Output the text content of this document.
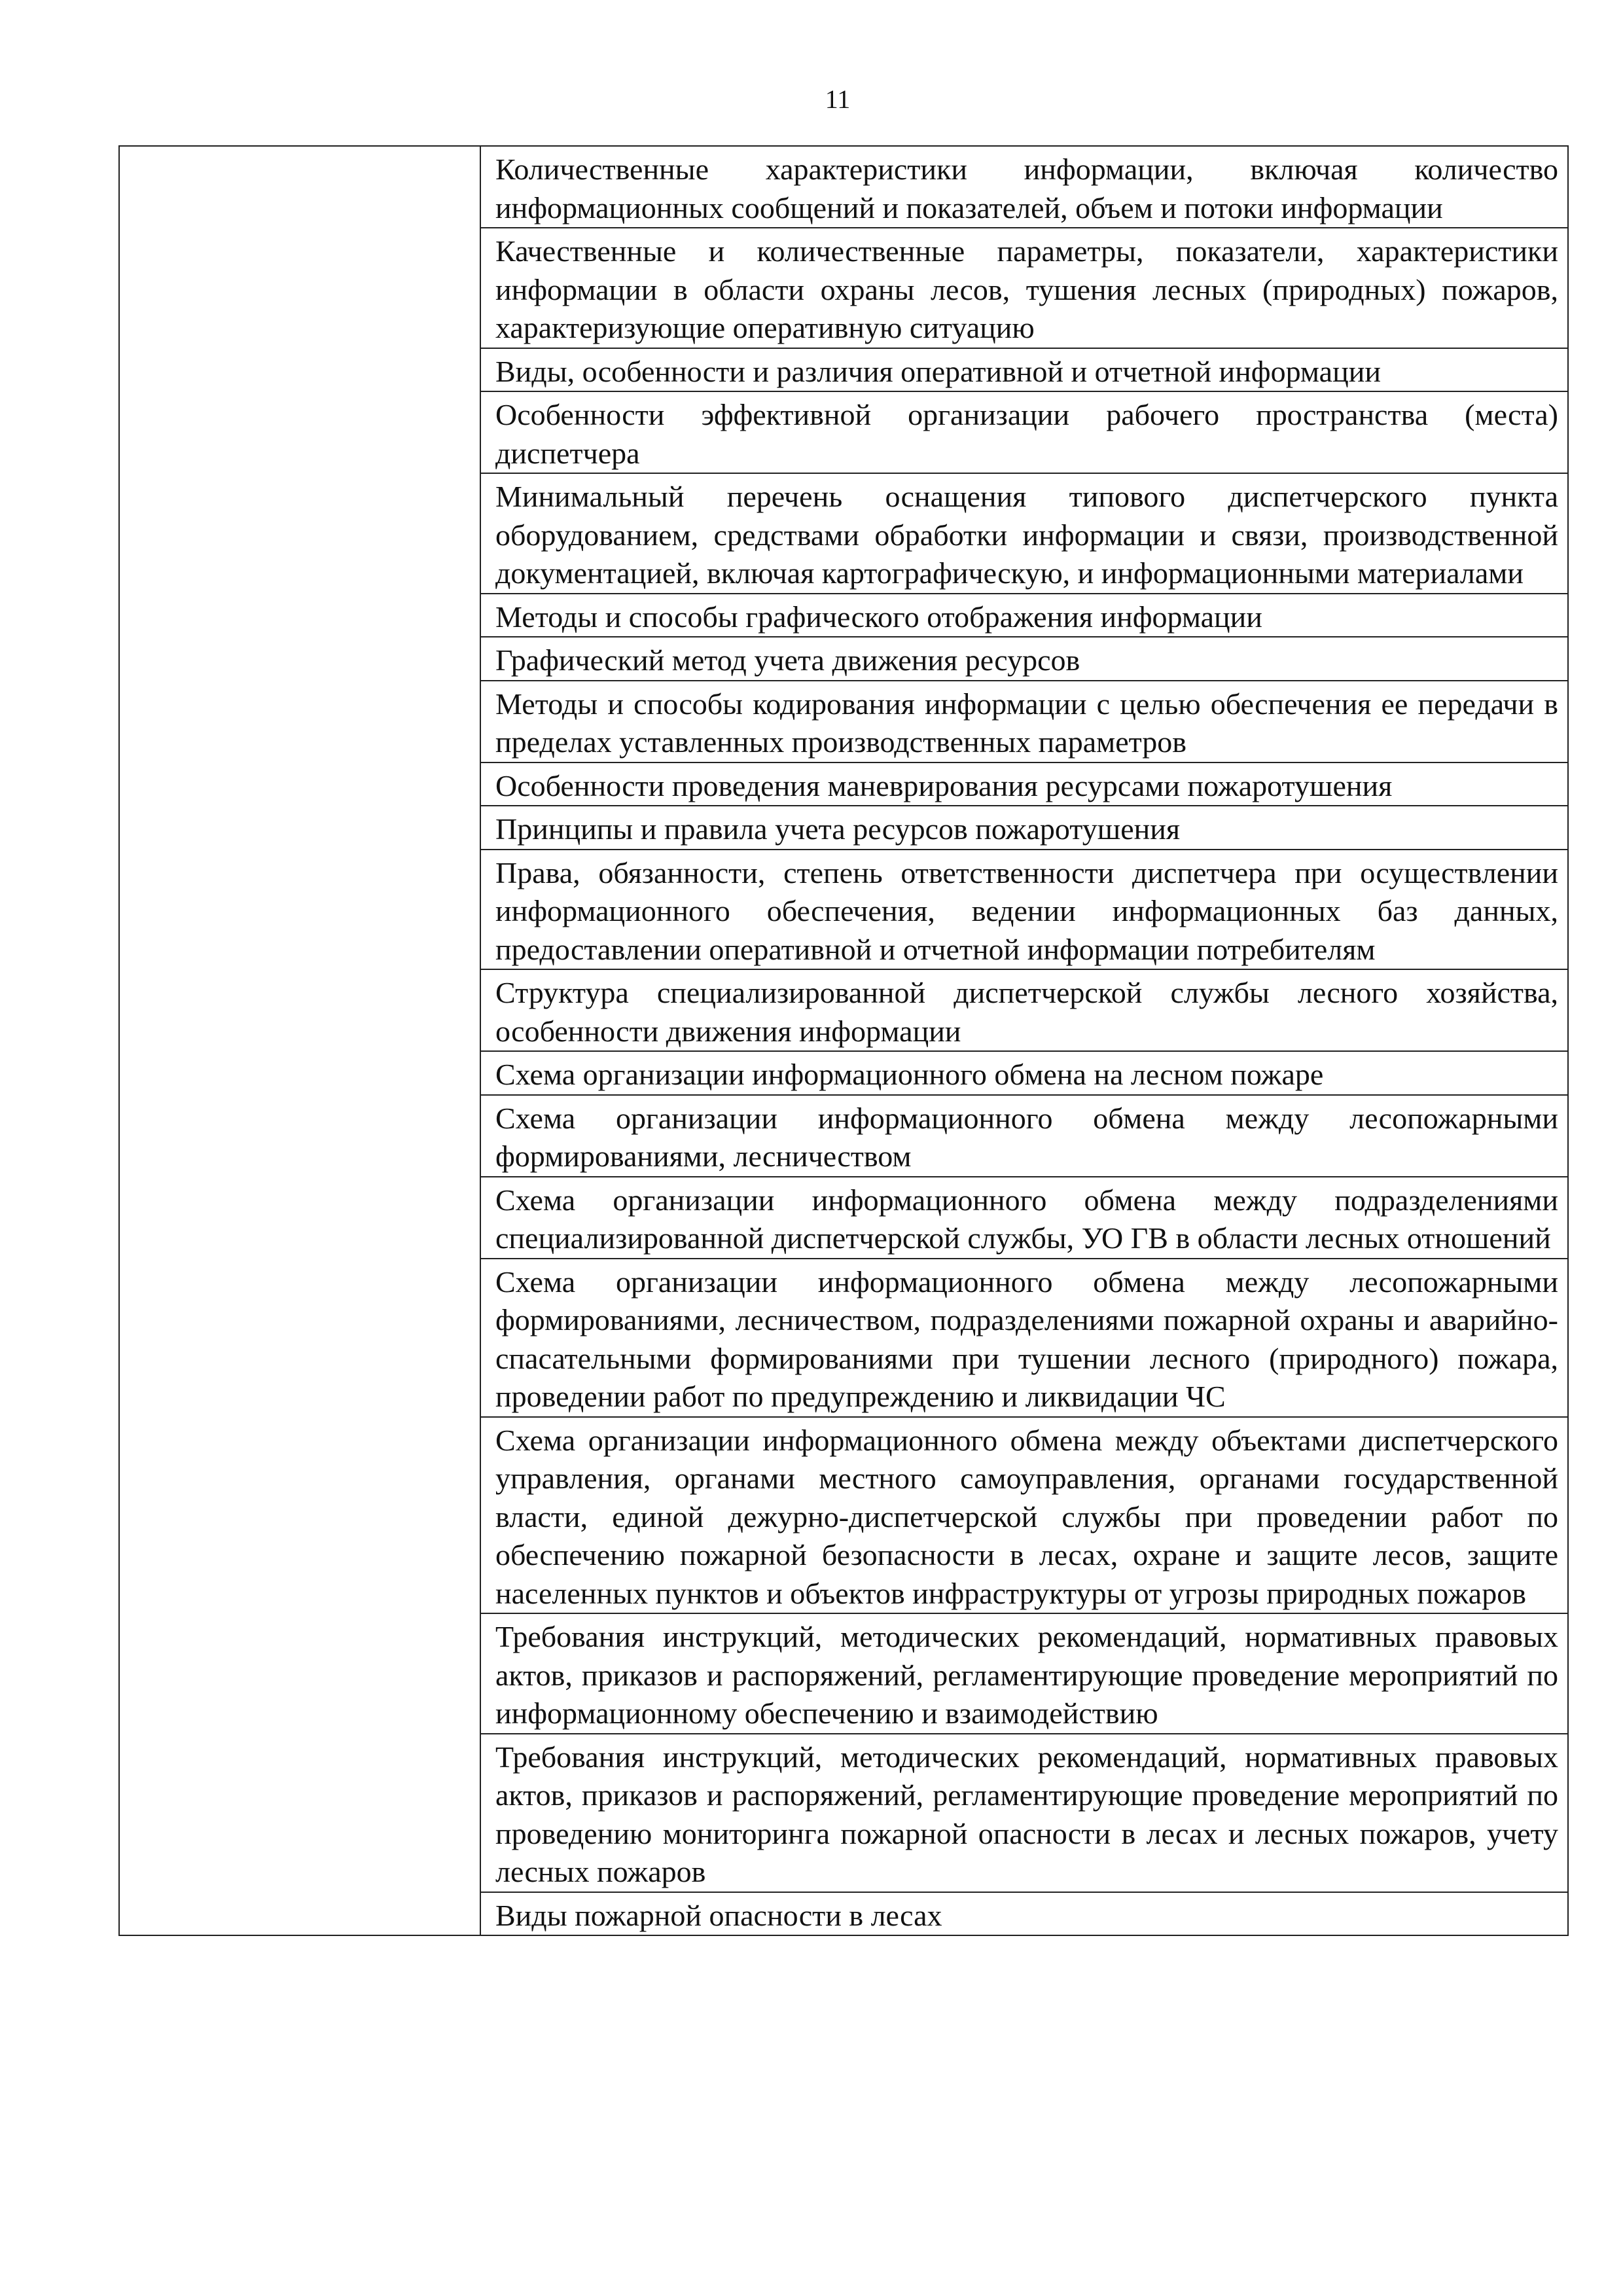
11

Количественные характеристики информации, включая количество информационных сообщений и показателей, объем и потоки информации

Качественные и количественные параметры, показатели, характеристики информации в области охраны лесов, тушения лесных (природных) пожаров, характеризующие оперативную ситуацию

Виды, особенности и различия оперативной и отчетной информации

Особенности эффективной организации рабочего пространства (места) диспетчера

Минимальный перечень оснащения типового диспетчерского пункта оборудованием, средствами обработки информации и связи, производственной документацией, включая картографическую, и информационными материалами

Методы и способы графического отображения информации

Графический метод учета движения ресурсов

Методы и способы кодирования информации с целью обеспечения ее передачи в пределах уставленных производственных параметров

Особенности проведения маневрирования ресурсами пожаротушения

Принципы и правила учета ресурсов пожаротушения

Права, обязанности, степень ответственности диспетчера при осуществлении информационного обеспечения, ведении информационных баз данных, предоставлении оперативной и отчетной информации потребителям

Структура специализированной диспетчерской службы лесного хозяйства, особенности движения информации

Схема организации информационного обмена на лесном пожаре

Схема организации информационного обмена между лесопожарными формированиями, лесничеством

Схема организации информационного обмена между подразделениями специализированной диспетчерской службы, УО ГВ в области лесных отношений

Схема организации информационного обмена между лесопожарными формированиями, лесничеством, подразделениями пожарной охраны и аварийно-спасательными формированиями при тушении лесного (природного) пожара, проведении работ по предупреждению и ликвидации ЧС

Схема организации информационного обмена между объектами диспетчерского управления, органами местного самоуправления, органами государственной власти, единой дежурно-диспетчерской службы при проведении работ по обеспечению пожарной безопасности в лесах, охране и защите лесов, защите населенных пунктов и объектов инфраструктуры от угрозы природных пожаров

Требования инструкций, методических рекомендаций, нормативных правовых актов, приказов и распоряжений, регламентирующие проведение мероприятий по информационному обеспечению и взаимодействию

Требования инструкций, методических рекомендаций, нормативных правовых актов, приказов и распоряжений, регламентирующие проведение мероприятий по проведению мониторинга пожарной опасности в лесах и лесных пожаров, учету лесных пожаров

Виды пожарной опасности в лесах
